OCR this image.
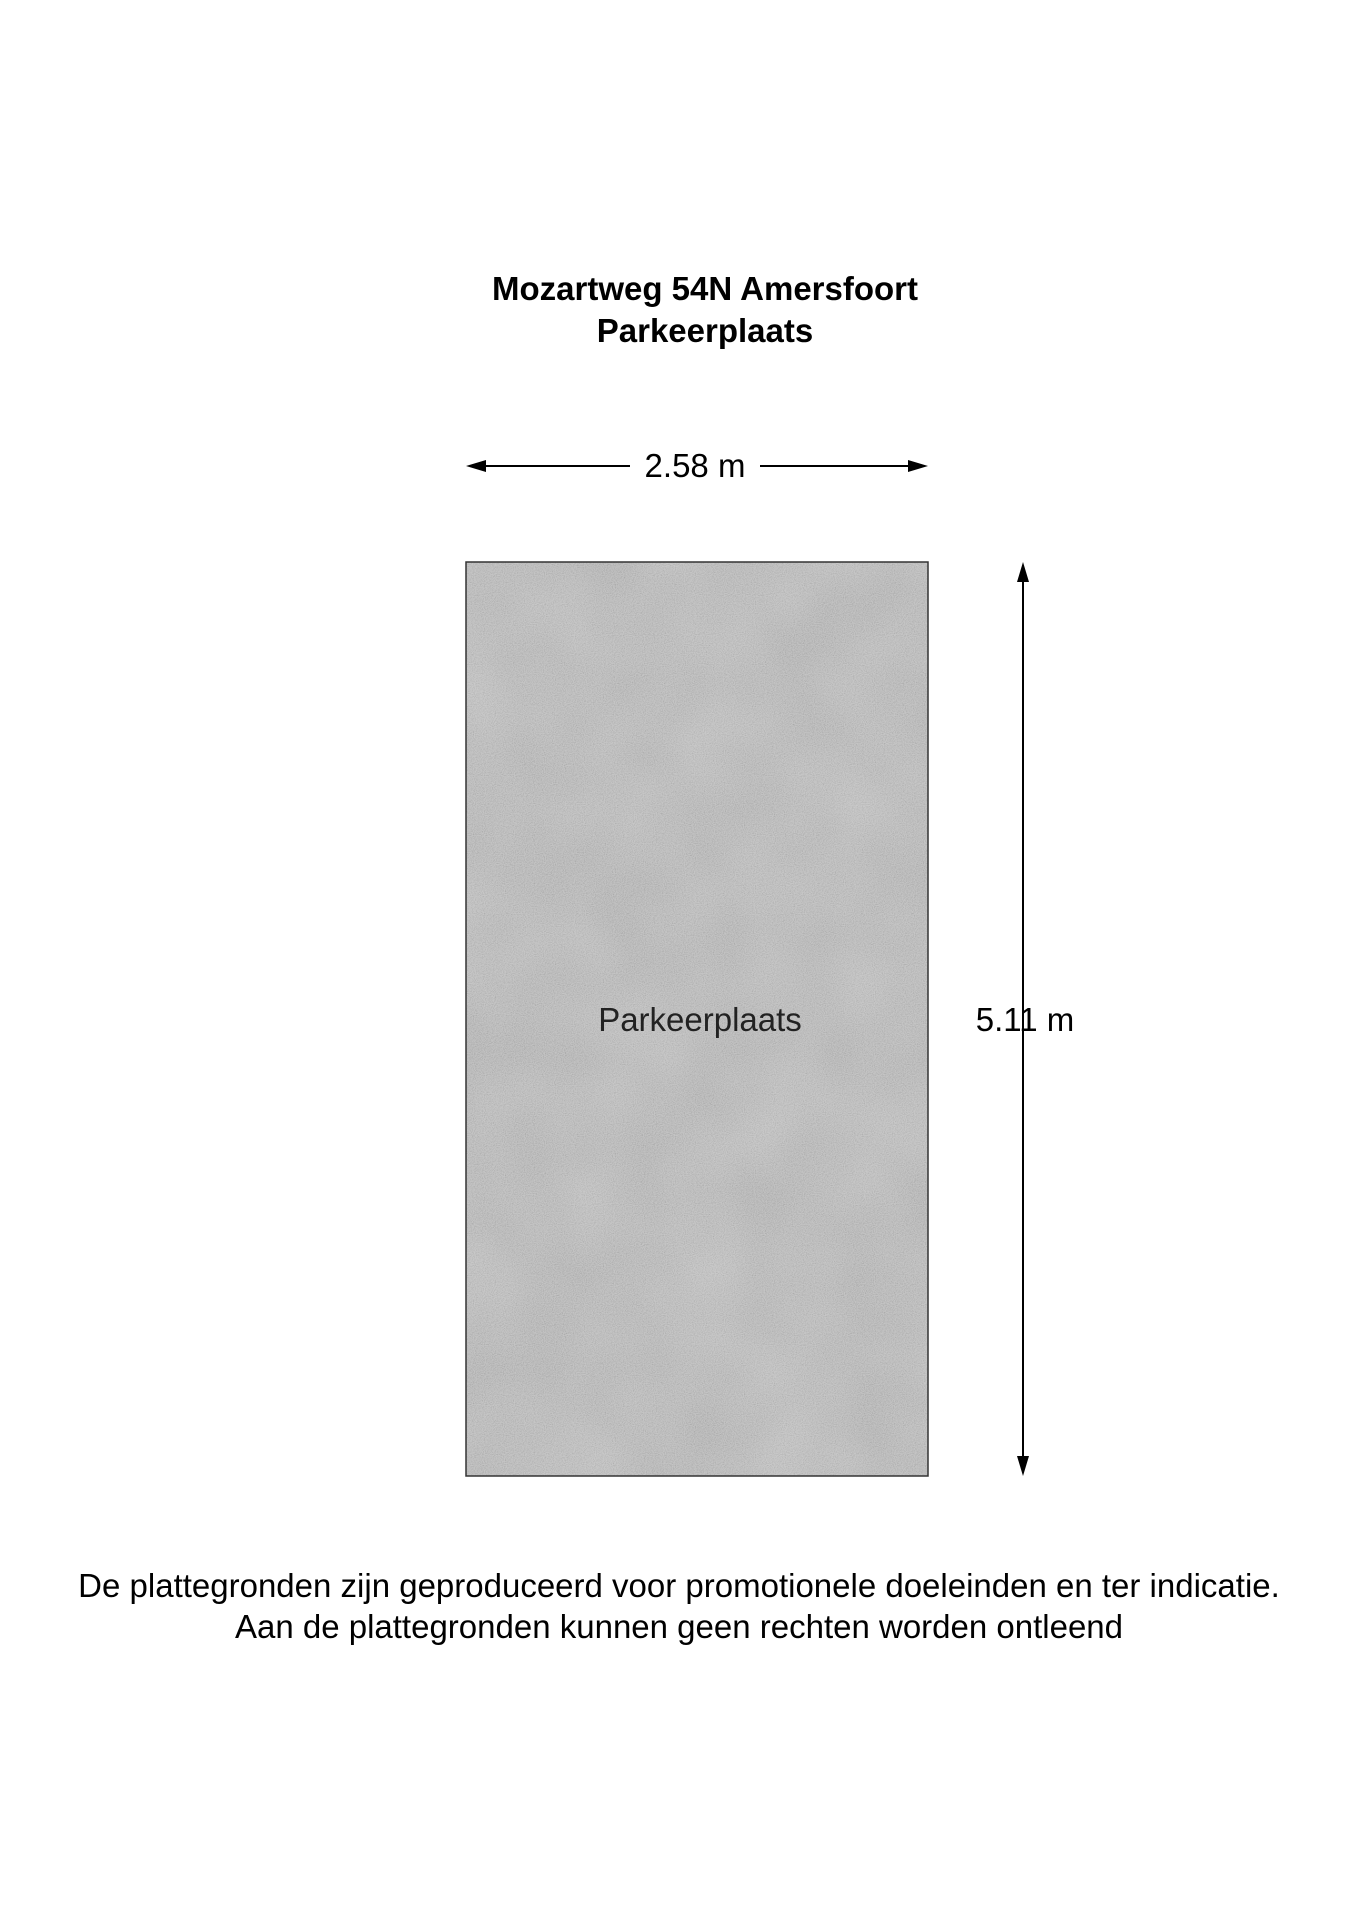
Mozartweg 54N Amersfoort
Parkeerplaats
2.58 m
5.11 m
Parkeerplaats
De plattegronden zijn geproduceerd voor promotionele doeleinden en ter indicatie.
Aan de plattegronden kunnen geen rechten worden ontleend
